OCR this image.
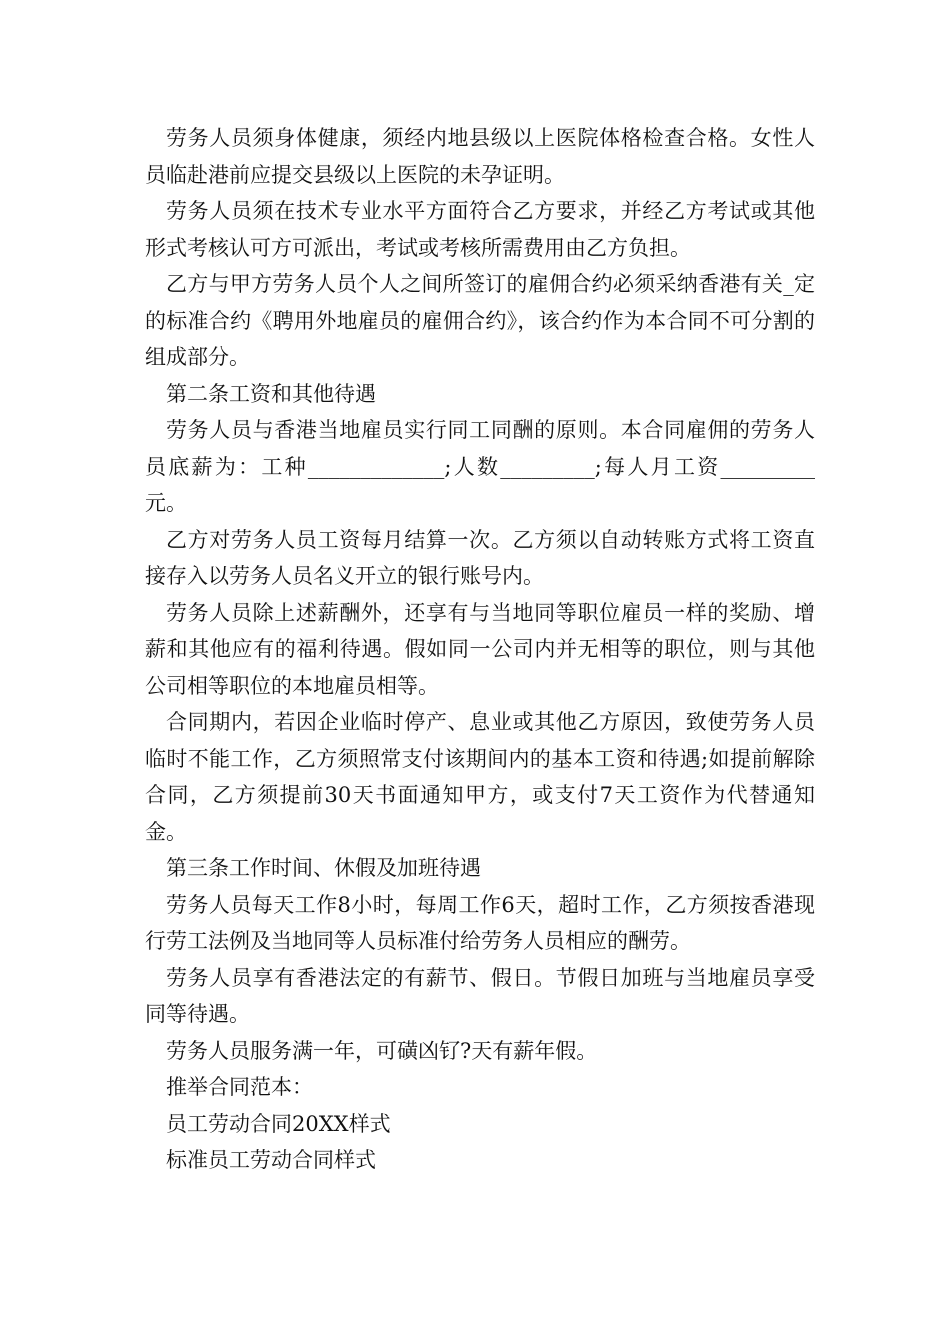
劳务人员须身体健康，须经内地县级以上医院体格检查合格。女性人员临赴港前应提交县级以上医院的未孕证明。

劳务人员须在技术专业水平方面符合乙方要求，并经乙方考试或其他形式考核认可方可派出，考试或考核所需费用由乙方负担。

乙方与甲方劳务人员个人之间所签订的雇佣合约必须采纳香港有关_定的标准合约《聘用外地雇员的雇佣合约》，该合约作为本合同不可分割的组成部分。

第二条工资和其他待遇

劳务人员与香港当地雇员实行同工同酬的原则。本合同雇佣的劳务人员底薪为：工种_____________;人数_________;每人月工资_________元。

乙方对劳务人员工资每月结算一次。乙方须以自动转账方式将工资直接存入以劳务人员名义开立的银行账号内。

劳务人员除上述薪酬外，还享有与当地同等职位雇员一样的奖励、增薪和其他应有的福利待遇。假如同一公司内并无相等的职位，则与其他公司相等职位的本地雇员相等。

合同期内，若因企业临时停产、息业或其他乙方原因，致使劳务人员临时不能工作，乙方须照常支付该期间内的基本工资和待遇;如提前解除合同，乙方须提前30天书面通知甲方，或支付7天工资作为代替通知金。

第三条工作时间、休假及加班待遇

劳务人员每天工作8小时，每周工作6天，超时工作，乙方须按香港现行劳工法例及当地同等人员标准付给劳务人员相应的酬劳。

劳务人员享有香港法定的有薪节、假日。节假日加班与当地雇员享受同等待遇。

劳务人员服务满一年，可磺凶钌?天有薪年假。

推举合同范本：

员工劳动合同20XX样式

标准员工劳动合同样式
